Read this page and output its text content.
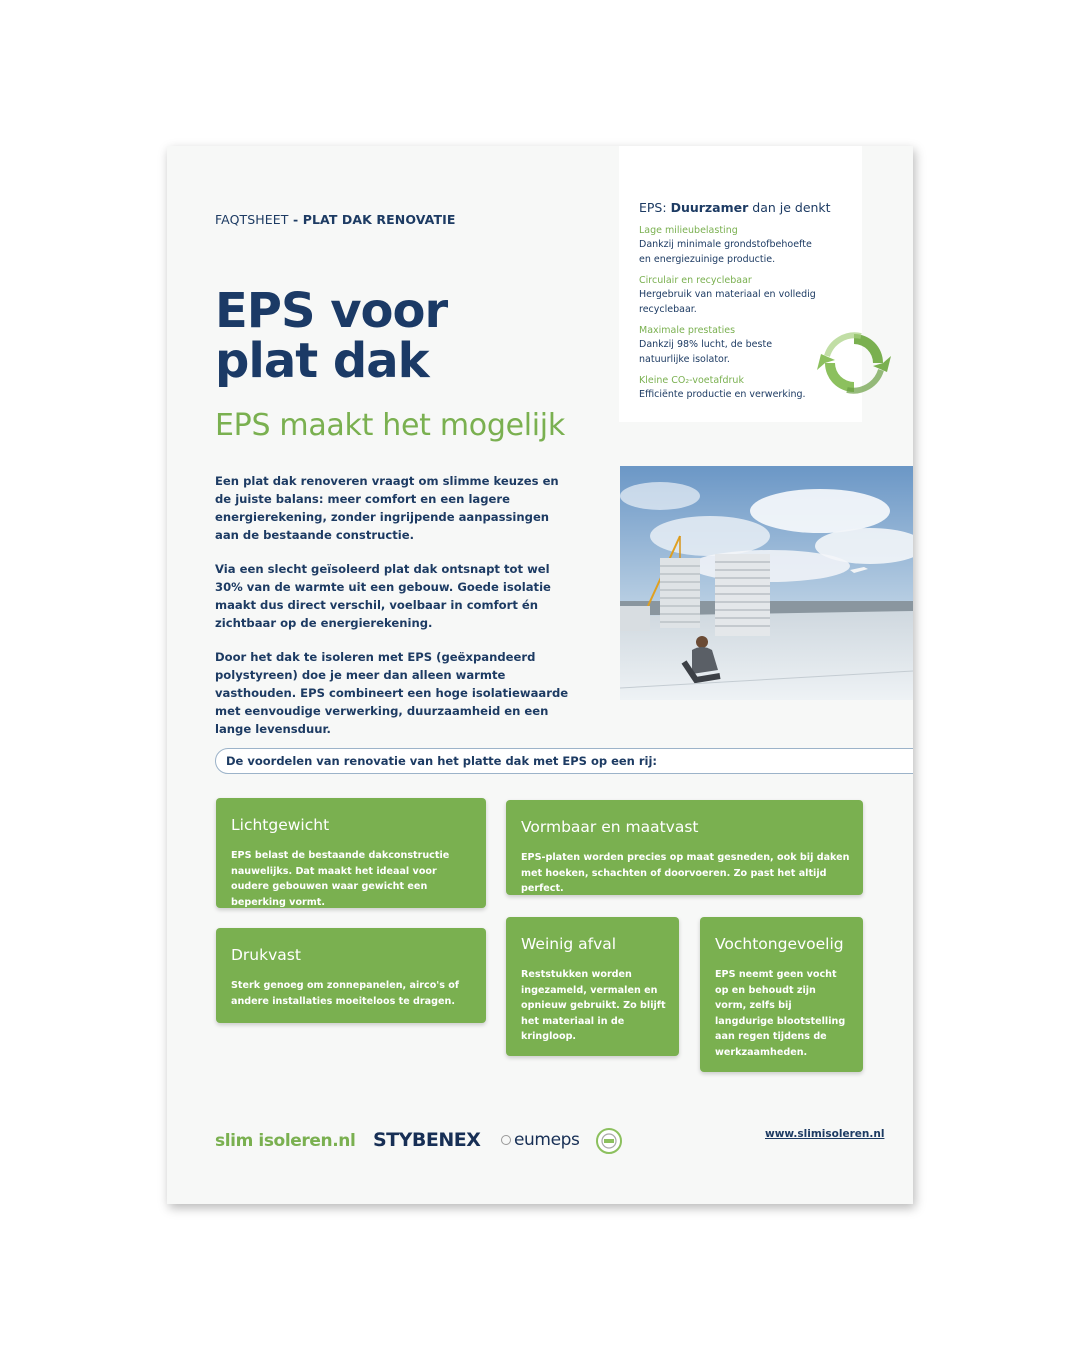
FAQTSHEET - PLAT DAK RENOVATIE
EPS voor
plat dak
EPS maakt het mogelijk
EPS: Duurzamer dan je denkt
Lage milieubelasting
Dankzij minimale grondstofbehoefte en energiezuinige productie.
Circulair en recyclebaar
Hergebruik van materiaal en volledig recyclebaar.
Maximale prestaties
Dankzij 98% lucht, de beste natuurlijke isolator.
Kleine CO₂-voetafdruk
Efficiënte productie en verwerking.

Een plat dak renoveren vraagt om slimme keuzes en de juiste balans: meer comfort en een lagere energierekening, zonder ingrijpende aanpassingen aan de bestaande constructie.

Via een slecht geïsoleerd plat dak ontsnapt tot wel 30% van de warmte uit een gebouw. Goede isolatie maakt dus direct verschil, voelbaar in comfort én zichtbaar op de energierekening.

Door het dak te isoleren met EPS (geëxpandeerd polystyreen) doe je meer dan alleen warmte vasthouden. EPS combineert een hoge isolatiewaarde met eenvoudige verwerking, duurzaamheid en een lange levensduur.

De voordelen van renovatie van het platte dak met EPS op een rij:
Lichtgewicht
EPS belast de bestaande dakconstructie nauwelijks. Dat maakt het ideaal voor oudere gebouwen waar gewicht een beperking vormt.
Vormbaar en maatvast
EPS-platen worden precies op maat gesneden, ook bij daken met hoeken, schachten of doorvoeren. Zo past het altijd perfect.
Drukvast
Sterk genoeg om zonnepanelen, airco's of andere installaties moeiteloos te dragen.
Weinig afval
Reststukken worden ingezameld, vermalen en opnieuw gebruikt. Zo blijft het materiaal in de kringloop.
Vochtongevoelig
EPS neemt geen vocht op en behoudt zijn vorm, zelfs bij langdurige blootstelling aan regen tijdens de werkzaamheden.
slim isoleren.nl STYBENEX	eumeps	www.slimisoleren.nl
